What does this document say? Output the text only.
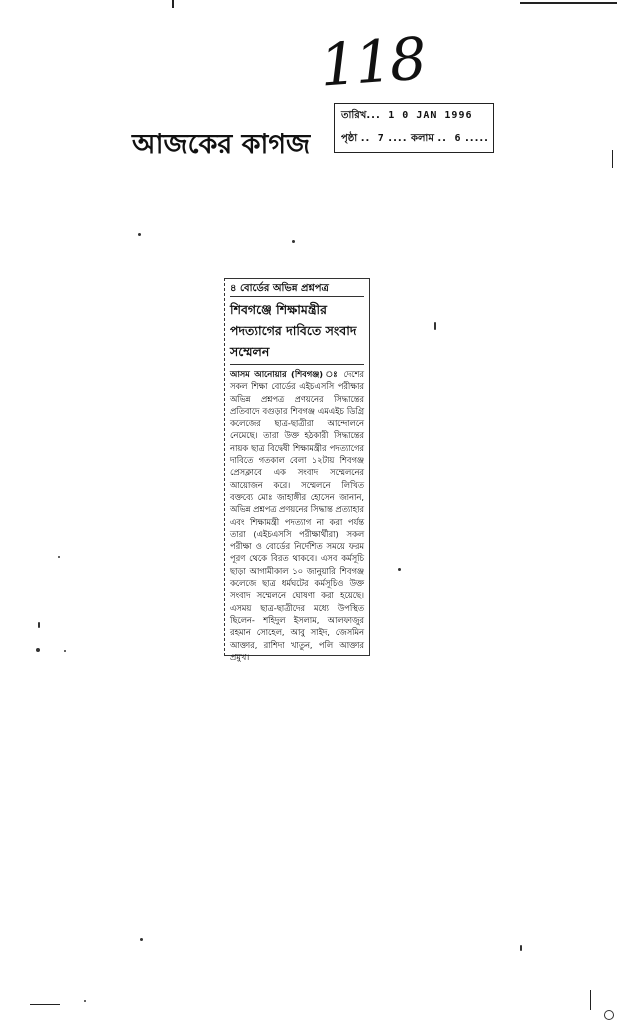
118
আজকের কাগজ
তারিখ... 1 0 JAN 1996
পৃষ্ঠা .. 7 .... কলাম .. 6 .....
৪ বোর্ডের অভিন্ন প্রশ্নপত্র
শিবগঞ্জে শিক্ষামন্ত্রীর পদত্যাগের দাবিতে সংবাদ সম্মেলন
আসম আনোয়ার (শিবগঞ্জ) ঃ দেশের সকল শিক্ষা বোর্ডের এইচএসসি পরীক্ষার অভিন্ন প্রশ্নপত্র প্রণয়নের সিদ্ধান্তের প্রতিবাদে বগুড়ার শিবগঞ্জ এমএইচ ডিগ্রি কলেজের ছাত্র-ছাত্রীরা আন্দোলনে নেমেছে। তারা উক্ত হঠকারী সিদ্ধান্তের নায়ক ছাত্র বিদ্বেষী শিক্ষামন্ত্রীর পদত্যাগের দাবিতে গতকাল বেলা ১২টায় শিবগঞ্জ প্রেসক্লাবে এক সংবাদ সম্মেলনের আয়োজন করে। সম্মেলনে লিখিত বক্তব্যে মোঃ জাহাঙ্গীর হোসেন জানান, অভিন্ন প্রশ্নপত্র প্রণয়নের সিদ্ধান্ত প্রত্যাহার এবং শিক্ষামন্ত্রী পদত্যাগ না করা পর্যন্ত তারা (এইচএসসি পরীক্ষার্থীরা) সকল পরীক্ষা ও বোর্ডের নির্দেশিত সময়ে ফরম পূরণ থেকে বিরত থাকবে। এসব কর্মসূচি ছাড়া আগামীকাল ১০ জানুয়ারি শিবগঞ্জ কলেজে ছাত্র ধর্মঘটের কর্মসূচিও উক্ত সংবাদ সম্মেলনে ঘোষণা করা হয়েছে। এসময় ছাত্র-ছাত্রীদের মধ্যে উপস্থিত ছিলেন- শহিদুল ইসলাম, আলফাজুর রহমান সোহেল, আবু সাইদ, জেসমিন আক্তার, রাশিদা খাতুন, পলি আক্তার প্রমুখ।
